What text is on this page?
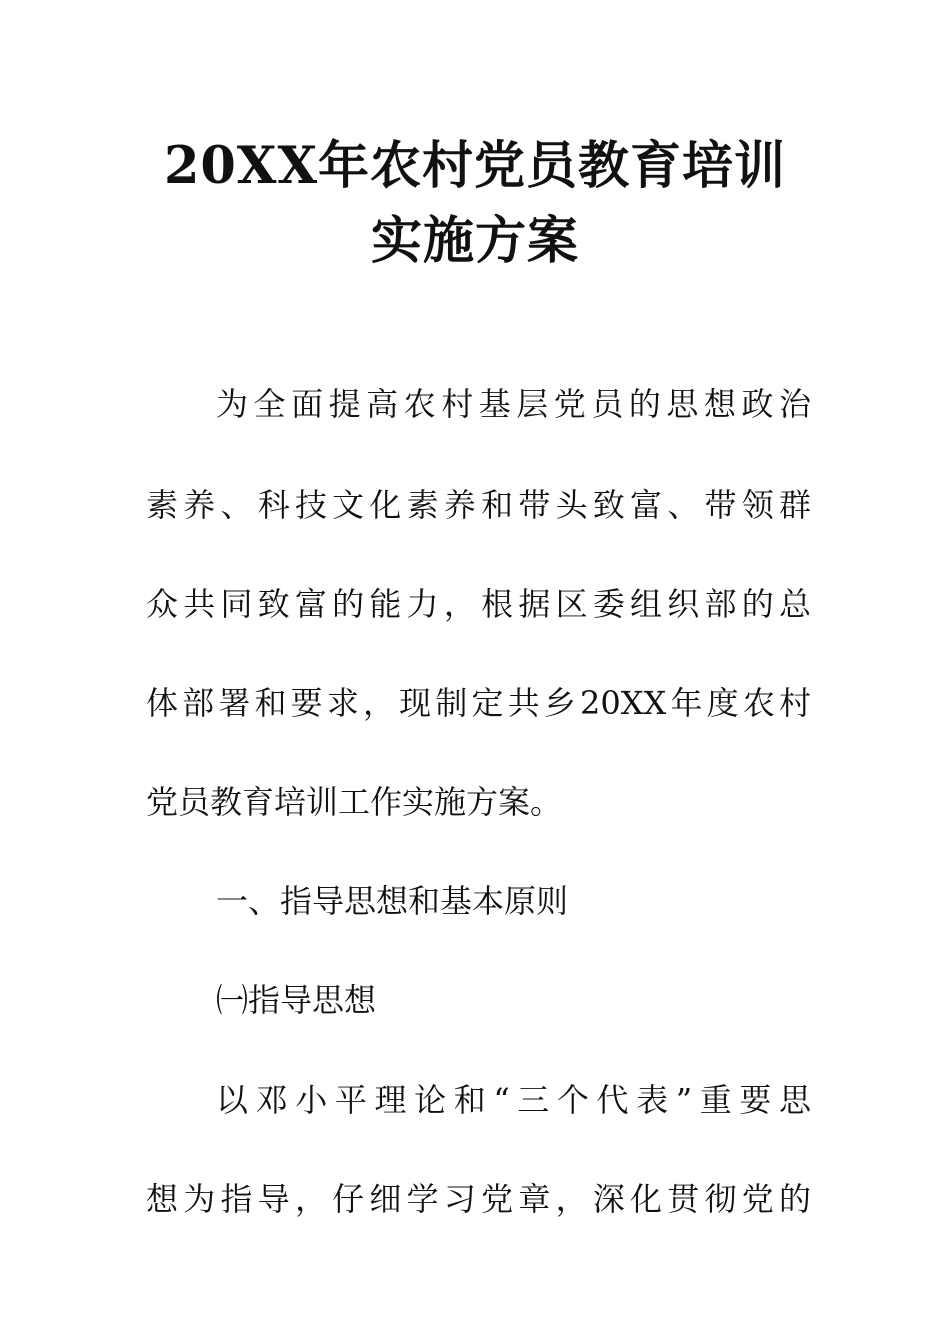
20XX年农村党员教育培训
实施方案

为全面提高农村基层党员的思想政治

素养、科技文化素养和带头致富、带领群

众共同致富的能力，根据区委组织部的总

体部署和要求，现制定共乡20XX年度农村

党员教育培训工作实施方案。

一、指导思想和基本原则

㈠指导思想

以邓小平理论和“三个代表”重要思

想为指导，仔细学习党章，深化贯彻党的
